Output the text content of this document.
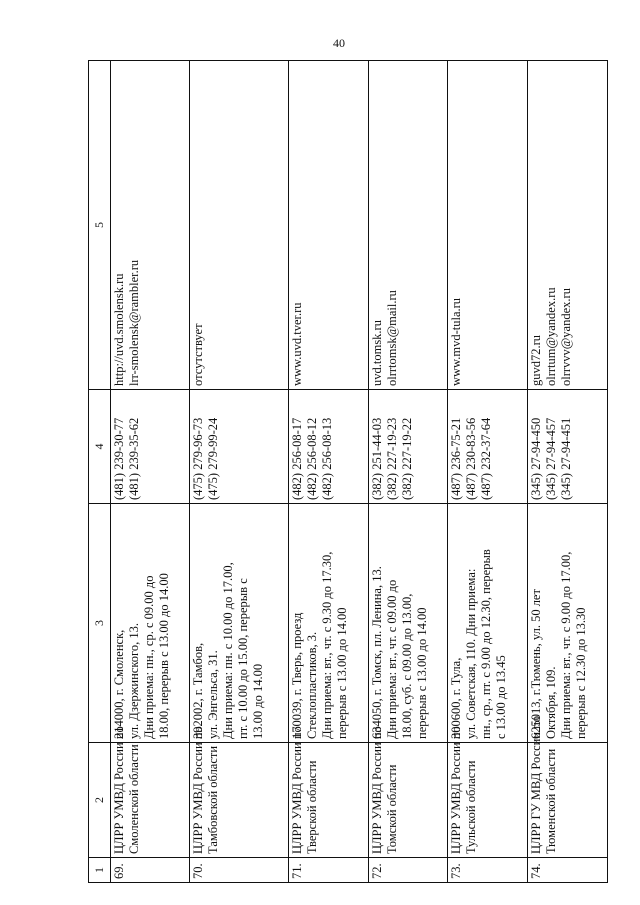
40
1	2	3	4	5
69.	ЦЛРР УМВД России по Смоленской области	214000, г. Смоленск, ул. Дзержинского, 13. Дни приема: пн., ср. с 09.00 до 18.00, перерыв с 13.00 до 14.00	(481) 239-30-77 (481) 239-35-62	http://uvd.smolensk.ru lrr-smolensk@rambler.ru

70.	ЦЛРР УМВД России по Тамбовской области	392002, г. Тамбов, ул. Энгельса, 31. Дни приема: пн. с 10.00 до 17.00, пт. с 10.00 до 15.00, перерыв с 13.00 до 14.00	(475) 279-96-73 (475) 279-99-24	отсутствует

71.	ЦЛРР УМВД России по Тверской области	170039, г. Тверь, проезд Стеклопластиков, 3. Дни приема: вт., чт. с 9.30 до 17.30, перерыв с 13.00 до 14.00	(482) 256-08-17 (482) 256-08-12 (482) 256-08-13	www.uvd.tver.ru

72.	ЦЛРР УМВД России по Томской области	634050, г. Томск, пл. Ленина, 13. Дни приема: вт., чт. с 09.00 до 18.00, суб. с 09.00 до 13.00, перерыв с 13.00 до 14.00	(382) 251-44-03 (382) 227-19-23 (382) 227-19-22	uvd.tomsk.ru olrrtomsk@mail.ru

73.	ЦЛРР УМВД России по Тульской области	300600, г. Тула, ул. Советская, 110. Дни приема: пн., ср., пт. с 9.00 до 12.30, перерыв с 13.00 до 13.45	(487) 236-75-21 (487) 230-83-56 (487) 232-37-64	www.mvd-tula.ru

74.	ЦЛРР ГУ МВД России по Тюменской области	625013, г.Тюмень, ул. 50 лет Октября, 109. Дни приема: вт., чт. с 9.00 до 17.00, перерыв с 12.30 до 13.30	(345) 27-94-450 (345) 27-94-457 (345) 27-94-451	guvd72.ru olrrtum@yandex.ru olrrvvv@yandex.ru
